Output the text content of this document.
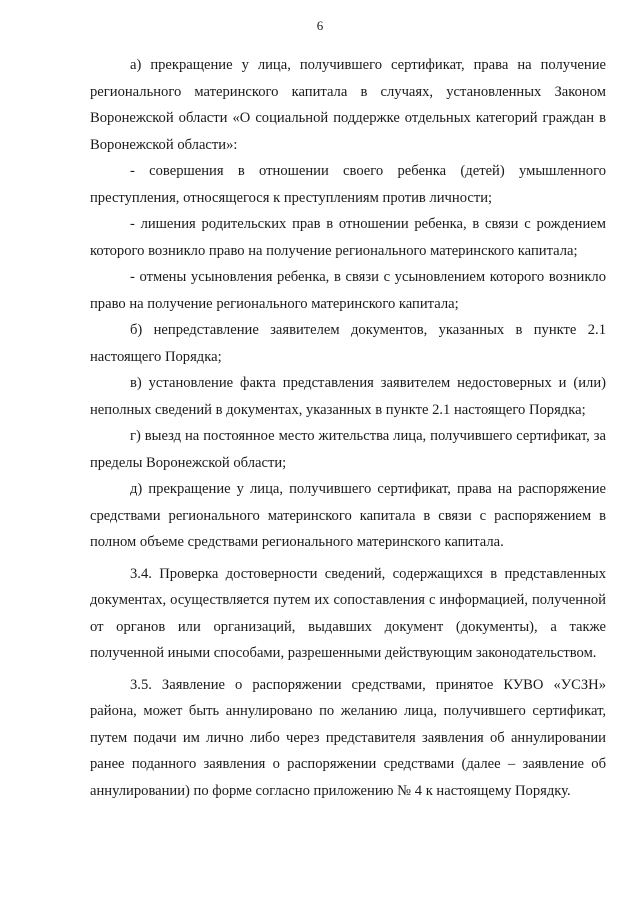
6

а) прекращение у лица, получившего сертификат, права на получение регионального материнского капитала в случаях, установленных Законом Воронежской области «О социальной поддержке отдельных категорий граждан в Воронежской области»:

- совершения в отношении своего ребенка (детей) умышленного преступления, относящегося к преступлениям против личности;

- лишения родительских прав в отношении ребенка, в связи с рождением которого возникло право на получение регионального материнского капитала;

- отмены усыновления ребенка, в связи с усыновлением которого возникло право на получение регионального материнского капитала;

б) непредставление заявителем документов, указанных в пункте 2.1 настоящего Порядка;

в) установление факта представления заявителем недостоверных и (или) неполных сведений в документах, указанных в пункте 2.1 настоящего Порядка;

г) выезд на постоянное место жительства лица, получившего сертификат, за пределы Воронежской области;

д) прекращение у лица, получившего сертификат, права на распоряжение средствами регионального материнского капитала в связи с распоряжением в полном объеме средствами регионального материнского капитала.

3.4. Проверка достоверности сведений, содержащихся в представленных документах, осуществляется путем их сопоставления с информацией, полученной от органов или организаций, выдавших документ (документы), а также полученной иными способами, разрешенными действующим законодательством.

3.5. Заявление о распоряжении средствами, принятое КУВО «УСЗН» района, может быть аннулировано по желанию лица, получившего сертификат, путем подачи им лично либо через представителя заявления об аннулировании ранее поданного заявления о распоряжении средствами (далее – заявление об аннулировании) по форме согласно приложению № 4 к настоящему Порядку.
